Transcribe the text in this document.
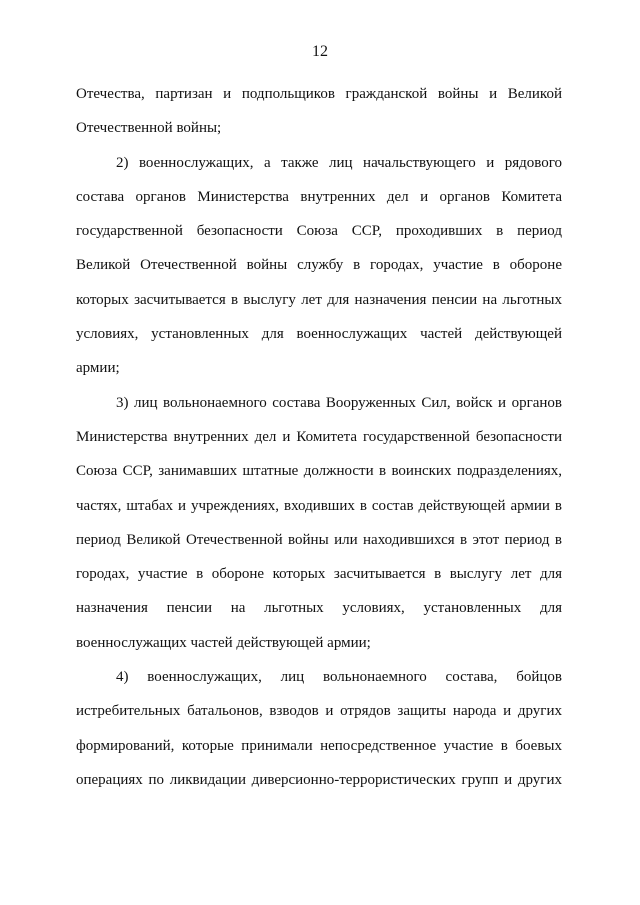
12

Отечества, партизан и подпольщиков гражданской войны и Великой
Отечественной войны;

2) военнослужащих, а также лиц начальствующего и рядового
состава органов Министерства внутренних дел и органов Комитета
государственной безопасности Союза ССР, проходивших в период
Великой Отечественной войны службу в городах, участие в обороне
которых засчитывается в выслугу лет для назначения пенсии на льготных
условиях, установленных для военнослужащих частей действующей
армии;

3) лиц вольнонаемного состава Вооруженных Сил, войск и органов
Министерства внутренних дел и Комитета государственной безопасности
Союза ССР, занимавших штатные должности в воинских подразделениях,
частях, штабах и учреждениях, входивших в состав действующей армии в
период Великой Отечественной войны или находившихся в этот период в
городах, участие в обороне которых засчитывается в выслугу лет для
назначения пенсии на льготных условиях, установленных для
военнослужащих частей действующей армии;

4) военнослужащих, лиц вольнонаемного состава, бойцов
истребительных батальонов, взводов и отрядов защиты народа и других
формирований, которые принимали непосредственное участие в боевых
операциях по ликвидации диверсионно-террористических групп и других
